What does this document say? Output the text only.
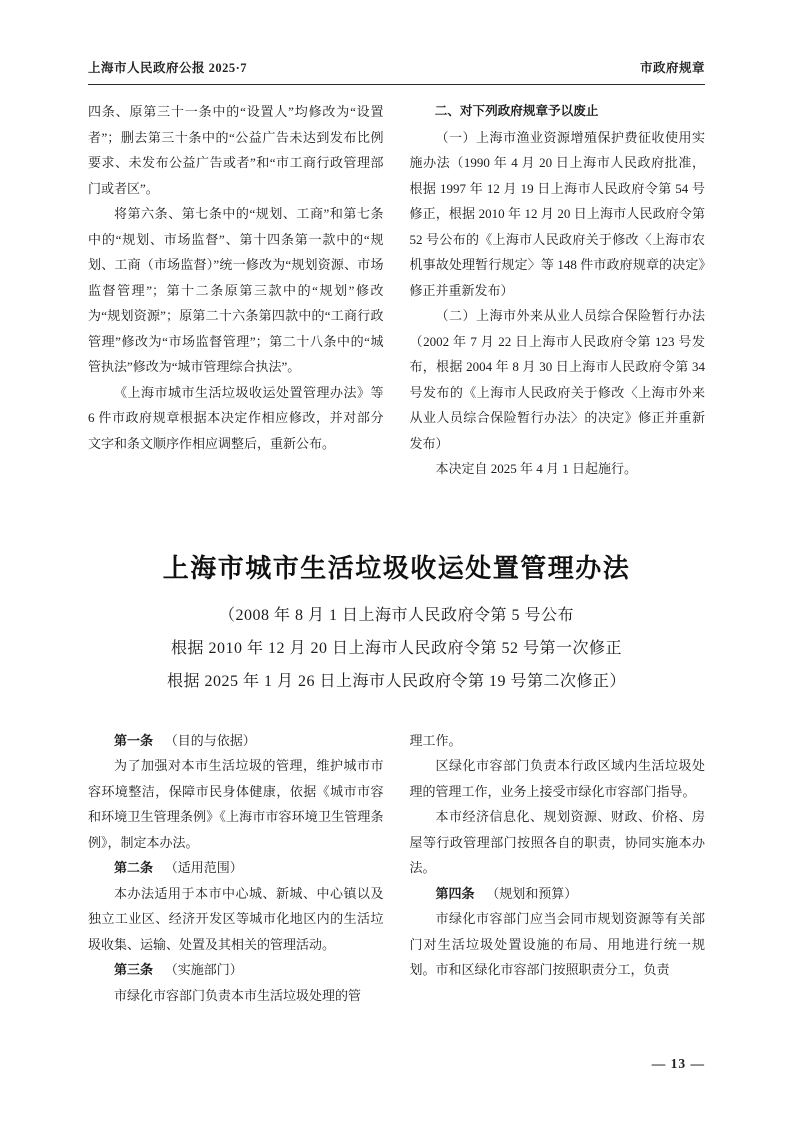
上海市人民政府公报 2025·7	市政府规章

四条、原第三十一条中的“设置人”均修改为“设置者”；删去第三十条中的“公益广告未达到发布比例要求、未发布公益广告或者”和“市工商行政管理部门或者区”。

将第六条、第七条中的“规划、工商”和第七条中的“规划、市场监督”、第十四条第一款中的“规划、工商（市场监督）”统一修改为“规划资源、市场监督管理”；第十二条原第三款中的“规划”修改为“规划资源”；原第二十六条第四款中的“工商行政管理”修改为“市场监督管理”；第二十八条中的“城管执法”修改为“城市管理综合执法”。

《上海市城市生活垃圾收运处置管理办法》等 6 件市政府规章根据本决定作相应修改，并对部分文字和条文顺序作相应调整后，重新公布。

二、对下列政府规章予以废止

（一）上海市渔业资源增殖保护费征收使用实施办法（1990 年 4 月 20 日上海市人民政府批准，根据 1997 年 12 月 19 日上海市人民政府令第 54 号修正，根据 2010 年 12 月 20 日上海市人民政府令第 52 号公布的《上海市人民政府关于修改〈上海市农机事故处理暂行规定〉等 148 件市政府规章的决定》修正并重新发布）

（二）上海市外来从业人员综合保险暂行办法（2002 年 7 月 22 日上海市人民政府令第 123 号发布，根据 2004 年 8 月 30 日上海市人民政府令第 34 号发布的《上海市人民政府关于修改〈上海市外来从业人员综合保险暂行办法〉的决定》修正并重新发布）

本决定自 2025 年 4 月 1 日起施行。

上海市城市生活垃圾收运处置管理办法
（2008 年 8 月 1 日上海市人民政府令第 5 号公布
根据 2010 年 12 月 20 日上海市人民政府令第 52 号第一次修正
根据 2025 年 1 月 26 日上海市人民政府令第 19 号第二次修正）

第一条 （目的与依据）

为了加强对本市生活垃圾的管理，维护城市市容环境整洁，保障市民身体健康，依据《城市市容和环境卫生管理条例》《上海市市容环境卫生管理条例》，制定本办法。

第二条 （适用范围）

本办法适用于本市中心城、新城、中心镇以及独立工业区、经济开发区等城市化地区内的生活垃圾收集、运输、处置及其相关的管理活动。

第三条 （实施部门）

市绿化市容部门负责本市生活垃圾处理的管

理工作。

区绿化市容部门负责本行政区域内生活垃圾处理的管理工作，业务上接受市绿化市容部门指导。

本市经济信息化、规划资源、财政、价格、房屋等行政管理部门按照各自的职责，协同实施本办法。

第四条 （规划和预算）

市绿化市容部门应当会同市规划资源等有关部门对生活垃圾处置设施的布局、用地进行统一规划。市和区绿化市容部门按照职责分工，负责

— 13 —
